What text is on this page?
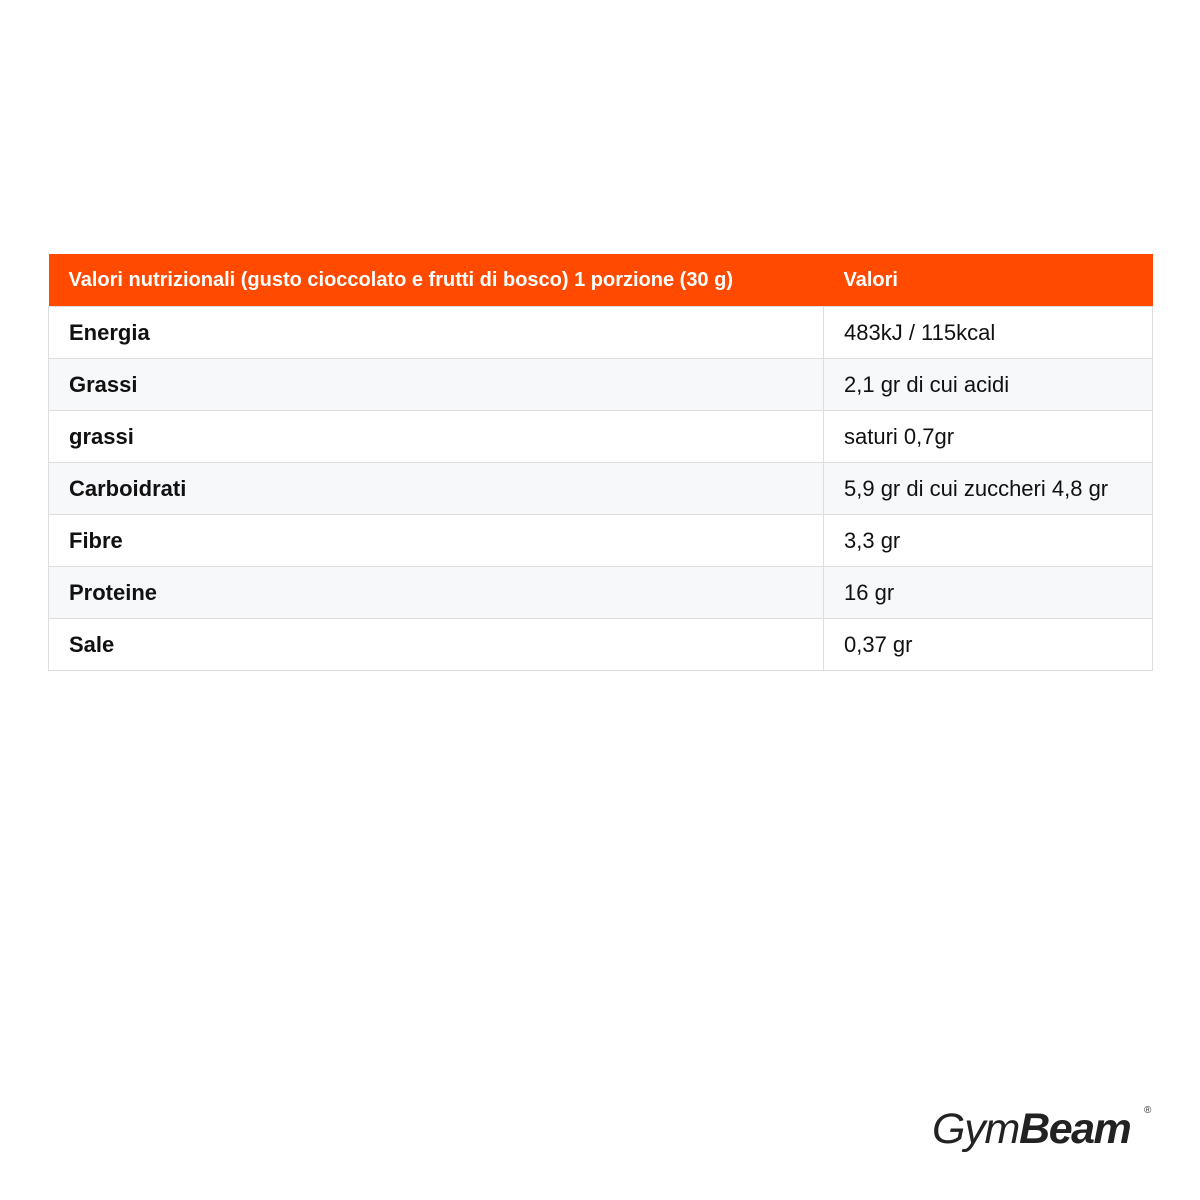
Valori nutrizionali (gusto cioccolato e frutti di bosco) 1 porzione (30 g)	Valori
Energia	483kJ / 115kcal
Grassi	2,1 gr di cui acidi
grassi	saturi 0,7gr
Carboidrati	5,9 gr di cui zuccheri 4,8 gr
Fibre	3,3 gr
Proteine	16 gr
Sale	0,37 gr
GymBeam ®
